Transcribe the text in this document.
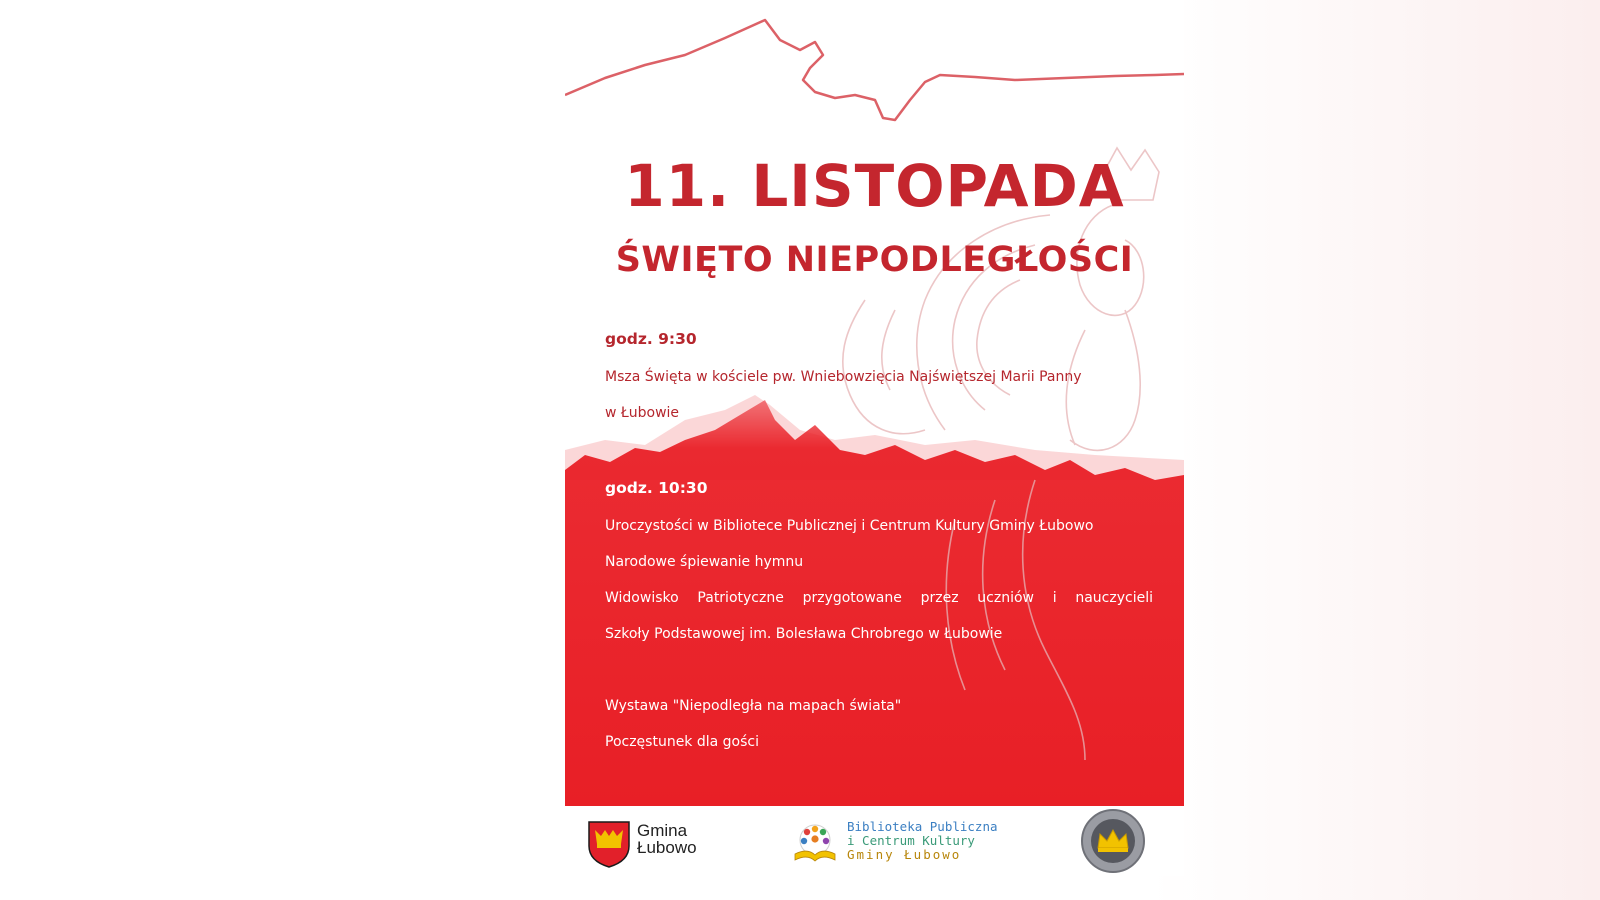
11. LISTOPADA
ŚWIĘTO NIEPODLEGŁOŚCI

godz. 9:30

Msza Święta w kościele pw. Wniebowzięcia Najświętszej Marii Panny

w Łubowie

godz. 10:30

Uroczystości w Bibliotece Publicznej i Centrum Kultury Gminy Łubowo

Narodowe śpiewanie hymnu

Widowisko Patriotyczne przygotowane przez uczniów i nauczycieli

Szkoły Podstawowej im. Bolesława Chrobrego w Łubowie

Wystawa "Niepodległa na mapach świata"

Poczęstunek dla gości

Gmina
Łubowo
Biblioteka Publiczna
i Centrum Kultury
Gminy Łubowo
